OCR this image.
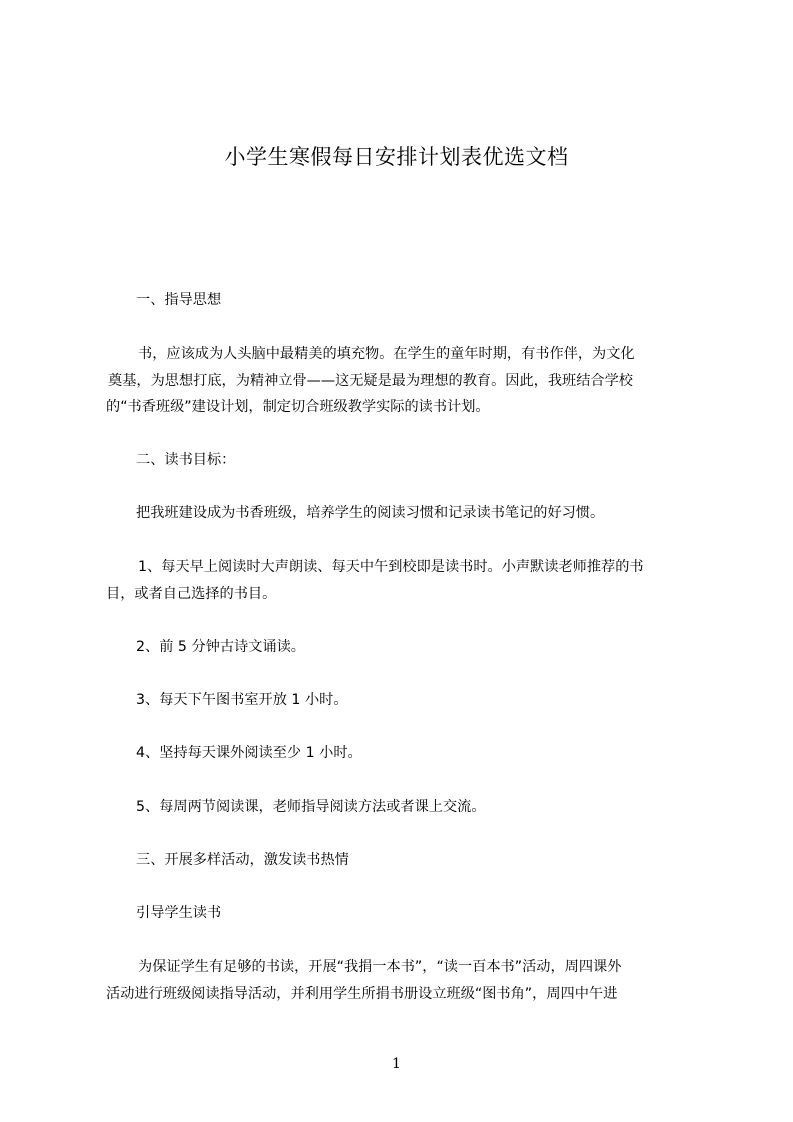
小学生寒假每日安排计划表优选文档

一、指导思想

书，应该成为人头脑中最精美的填充物。在学生的童年时期，有书作伴，为文化
奠基，为思想打底，为精神立骨——这无疑是最为理想的教育。因此，我班结合学校
的“书香班级”建设计划，制定切合班级教学实际的读书计划。

二、读书目标：

把我班建设成为书香班级，培养学生的阅读习惯和记录读书笔记的好习惯。

1、每天早上阅读时大声朗读、每天中午到校即是读书时。小声默读老师推荐的书
目，或者自己选择的书目。

2、前 5 分钟古诗文诵读。

3、每天下午图书室开放 1 小时。

4、坚持每天课外阅读至少 1 小时。

5、每周两节阅读课，老师指导阅读方法或者课上交流。

三、开展多样活动，激发读书热情

引导学生读书

为保证学生有足够的书读，开展“我捐一本书”，“读一百本书”活动，周四课外
活动进行班级阅读指导活动，并利用学生所捐书册设立班级“图书角”，周四中午进

1
